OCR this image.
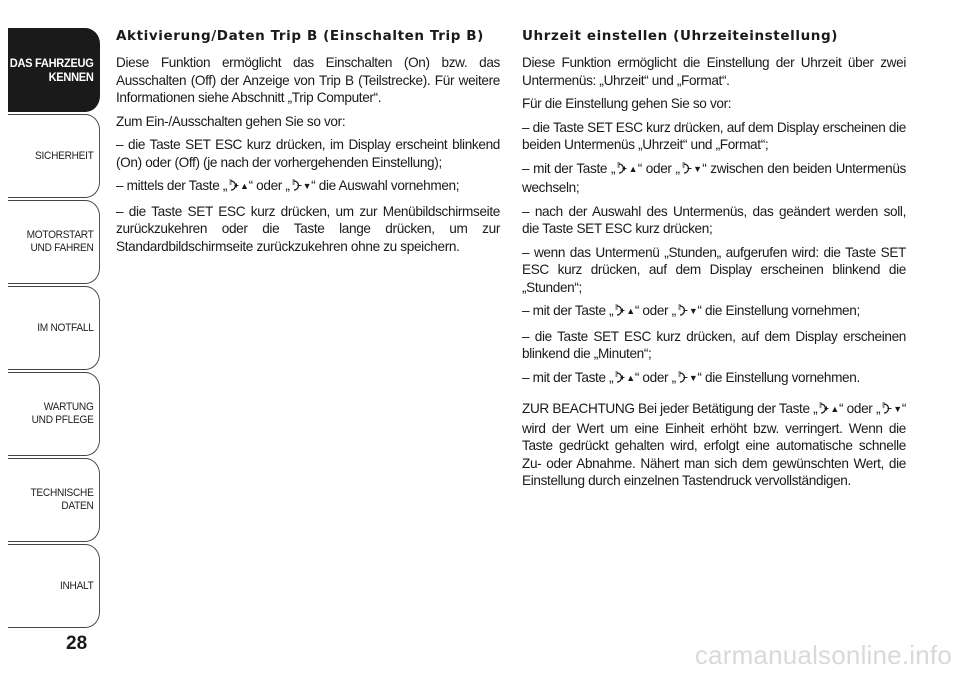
DAS FAHRZEUG
KENNEN
SICHERHEIT
MOTORSTART
UND FAHREN
IM NOTFALL
WARTUNG
UND PFLEGE
TECHNISCHE
DATEN
INHALT
28
Aktivierung/Daten Trip B (Einschalten Trip B)

Diese Funktion ermöglicht das Einschalten (On) bzw. das Ausschalten (Off) der Anzeige von Trip B (Teilstrecke). Für weitere Informationen siehe Abschnitt „Trip Computer“.

Zum Ein-/Ausschalten gehen Sie so vor:

– die Taste SET ESC kurz drücken, im Display erscheint blinkend (On) oder (Off) (je nach der vorhergehenden Einstellung);

– mittels der Taste „ ▲“ oder „ ▼“ die Auswahl vornehmen;

– die Taste SET ESC kurz drücken, um zur Menübildschirmseite zurückzukehren oder die Taste lange drücken, um zur Standardbildschirmseite zurückzukehren ohne zu speichern.

Uhrzeit einstellen (Uhrzeiteinstellung)

Diese Funktion ermöglicht die Einstellung der Uhrzeit über zwei Untermenüs: „Uhrzeit“ und „Format“.

Für die Einstellung gehen Sie so vor:

– die Taste SET ESC kurz drücken, auf dem Display erscheinen die beiden Untermenüs „Uhrzeit“ und „Format“;

– mit der Taste „ ▲“ oder „ ▼“ zwischen den beiden Untermenüs wechseln;

– nach der Auswahl des Untermenüs, das geändert werden soll, die Taste SET ESC kurz drücken;

– wenn das Untermenü „Stunden„ aufgerufen wird: die Taste SET ESC kurz drücken, auf dem Display erscheinen blinkend die „Stunden“;

– mit der Taste „ ▲“ oder „ ▼“ die Einstellung vornehmen;

– die Taste SET ESC kurz drücken, auf dem Display erscheinen blinkend die „Minuten“;

– mit der Taste „ ▲“ oder „ ▼“ die Einstellung vornehmen.

ZUR BEACHTUNG Bei jeder Betätigung der Taste „ ▲“ oder „ ▼“ wird der Wert um eine Einheit erhöht bzw. verringert. Wenn die Taste gedrückt gehalten wird, erfolgt eine automatische schnelle Zu- oder Abnahme. Nähert man sich dem gewünschten Wert, die Einstellung durch einzelnen Tastendruck vervollständigen.

carmanualsonline.info
